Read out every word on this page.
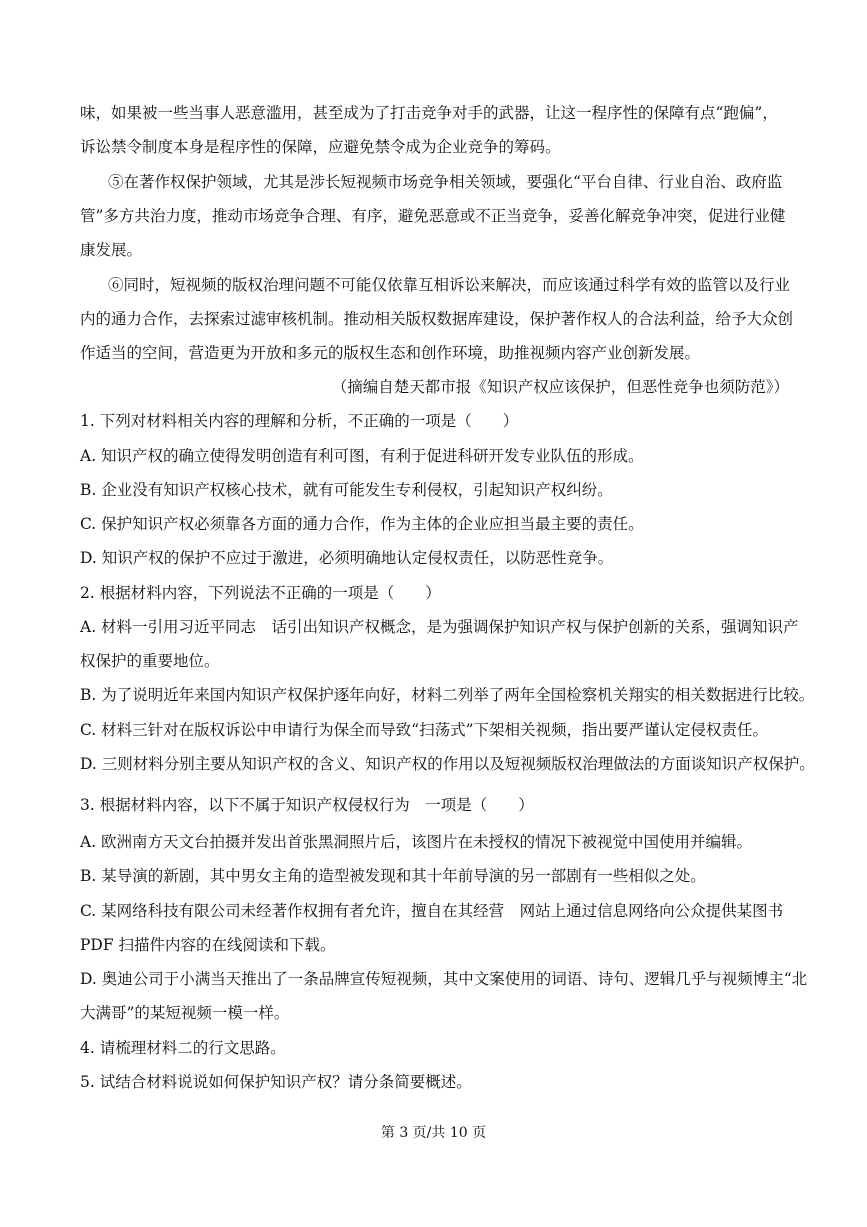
味，如果被一些当事人恶意滥用，甚至成为了打击竞争对手的武器，让这一程序性的保障有点“跑偏”，
诉讼禁令制度本身是程序性的保障，应避免禁令成为企业竞争的筹码。
⑤在著作权保护领域，尤其是涉长短视频市场竞争相关领域，要强化“平台自律、行业自治、政府监
管”多方共治力度，推动市场竞争合理、有序，避免恶意或不正当竞争，妥善化解竞争冲突，促进行业健
康发展。
⑥同时，短视频的版权治理问题不可能仅依靠互相诉讼来解决，而应该通过科学有效的监管以及行业
内的通力合作，去探索过滤审核机制。推动相关版权数据库建设，保护著作权人的合法利益，给予大众创
作适当的空间，营造更为开放和多元的版权生态和创作环境，助推视频内容产业创新发展。
（摘编自楚天都市报《知识产权应该保护，但恶性竞争也须防范》）
1. 下列对材料相关内容的理解和分析，不正确的一项是（　　）
A. 知识产权的确立使得发明创造有利可图，有利于促进科研开发专业队伍的形成。
B. 企业没有知识产权核心技术，就有可能发生专利侵权，引起知识产权纠纷。
C. 保护知识产权必须靠各方面的通力合作，作为主体的企业应担当最主要的责任。
D. 知识产权的保护不应过于激进，必须明确地认定侵权责任，以防恶性竞争。
2. 根据材料内容，下列说法不正确的一项是（　　）
A. 材料一引用习近平同志　话引出知识产权概念，是为强调保护知识产权与保护创新的关系，强调知识产
权保护的重要地位。
B. 为了说明近年来国内知识产权保护逐年向好，材料二列举了两年全国检察机关翔实的相关数据进行比较。
C. 材料三针对在版权诉讼中申请行为保全而导致“扫荡式”下架相关视频，指出要严谨认定侵权责任。
D. 三则材料分别主要从知识产权的含义、知识产权的作用以及短视频版权治理做法的方面谈知识产权保护。
3. 根据材料内容，以下不属于知识产权侵权行为　一项是（　　）
A. 欧洲南方天文台拍摄并发出首张黑洞照片后，该图片在未授权的情况下被视觉中国使用并编辑。
B. 某导演的新剧，其中男女主角的造型被发现和其十年前导演的另一部剧有一些相似之处。
C. 某网络科技有限公司未经著作权拥有者允许，擅自在其经营　网站上通过信息网络向公众提供某图书
PDF 扫描件内容的在线阅读和下载。
D. 奥迪公司于小满当天推出了一条品牌宣传短视频，其中文案使用的词语、诗句、逻辑几乎与视频博主“北
大满哥”的某短视频一模一样。
4. 请梳理材料二的行文思路。
5. 试结合材料说说如何保护知识产权？请分条简要概述。
第 3 页/共 10 页
